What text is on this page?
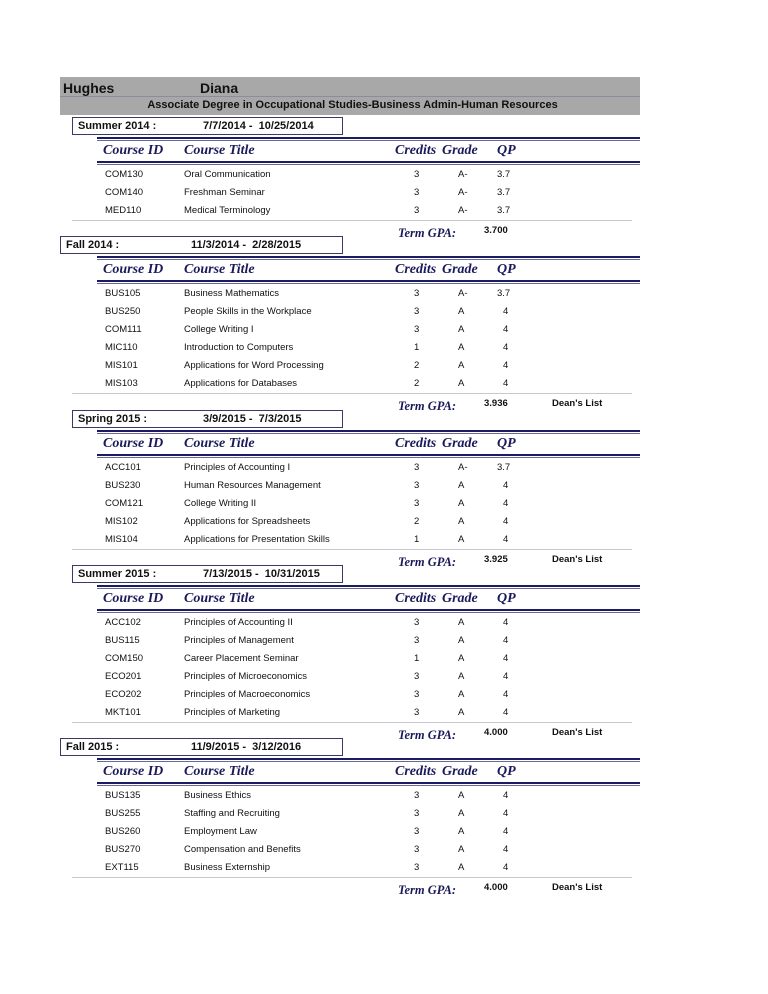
Hughes	Diana
Associate Degree in Occupational Studies-Business Admin-Human Resources
Summer 2014 :	7/7/2014 -  10/25/2014
Course ID Course Title	Credits Grade QP
COM130	Oral Communication	3	A-	3.7
COM140	Freshman Seminar	3	A-	3.7
MED110	Medical Terminology	3	A-	3.7
Term GPA:	3.700
Fall 2014 :	11/3/2014 -  2/28/2015
Course ID Course Title	Credits Grade QP
BUS105	Business Mathematics	3	A-	3.7
BUS250	People Skills in the Workplace	3	A	4
COM111	College Writing I	3	A	4
MIC110	Introduction to Computers	1	A	4
MIS101	Applications for Word Processing	2	A	4
MIS103	Applications for Databases	2	A	4
Term GPA:	3.936	Dean's List
Spring 2015 :	3/9/2015 -  7/3/2015
Course ID Course Title	Credits Grade QP
ACC101	Principles of Accounting I	3	A-	3.7
BUS230	Human Resources Management	3	A	4
COM121	College Writing II	3	A	4
MIS102	Applications for Spreadsheets	2	A	4
MIS104	Applications for Presentation Skills	1	A	4
Term GPA:	3.925	Dean's List
Summer 2015 :	7/13/2015 -  10/31/2015
Course ID Course Title	Credits Grade QP
ACC102	Principles of Accounting II	3	A	4
BUS115	Principles of Management	3	A	4
COM150	Career Placement Seminar	1	A	4
ECO201	Principles of Microeconomics	3	A	4
ECO202	Principles of Macroeconomics	3	A	4
MKT101	Principles of Marketing	3	A	4
Term GPA:	4.000	Dean's List
Fall 2015 :	11/9/2015 -  3/12/2016
Course ID Course Title	Credits Grade QP
BUS135	Business Ethics	3	A	4
BUS255	Staffing and Recruiting	3	A	4
BUS260	Employment Law	3	A	4
BUS270	Compensation and Benefits	3	A	4
EXT115	Business Externship	3	A	4
Term GPA:	4.000	Dean's List
